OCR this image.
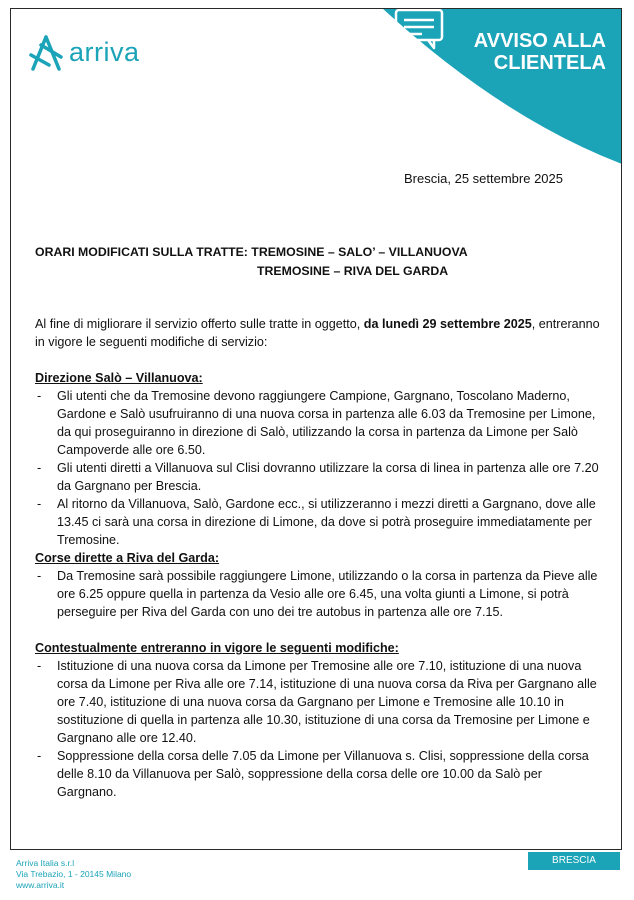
arriva	AVVISO ALLA
CLIENTELA
Brescia, 25 settembre 2025
ORARI MODIFICATI SULLA TRATTE: TREMOSINE – SALO’ – VILLANUOVA
TREMOSINE – RIVA DEL GARDA

Al fine di migliorare il servizio offerto sulle tratte in oggetto, da lunedì 29 settembre 2025, entreranno in vigore le seguenti modifiche di servizio:

Direzione Salò – Villanuova:

- Gli utenti che da Tremosine devono raggiungere Campione, Gargnano, Toscolano Maderno, Gardone e Salò usufruiranno di una nuova corsa in partenza alle 6.03 da Tremosine per Limone, da qui proseguiranno in direzione di Salò, utilizzando la corsa in partenza da Limone per Salò Campoverde alle ore 6.50.
- Gli utenti diretti a Villanuova sul Clisi dovranno utilizzare la corsa di linea in partenza alle ore 7.20 da Gargnano per Brescia.
- Al ritorno da Villanuova, Salò, Gardone ecc., si utilizzeranno i mezzi diretti a Gargnano, dove alle 13.45 ci sarà una corsa in direzione di Limone, da dove si potrà proseguire immediatamente per Tremosine.

Corse dirette a Riva del Garda:

- Da Tremosine sarà possibile raggiungere Limone, utilizzando o la corsa in partenza da Pieve alle ore 6.25 oppure quella in partenza da Vesio alle ore 6.45, una volta giunti a Limone, si potrà perseguire per Riva del Garda con uno dei tre autobus in partenza alle ore 7.15.

Contestualmente entreranno in vigore le seguenti modifiche:

- Istituzione di una nuova corsa da Limone per Tremosine alle ore 7.10, istituzione di una nuova corsa da Limone per Riva alle ore 7.14, istituzione di una nuova corsa da Riva per Gargnano alle ore 7.40, istituzione di una nuova corsa da Gargnano per Limone e Tremosine alle 10.10 in sostituzione di quella in partenza alle 10.30, istituzione di una corsa da Tremosine per Limone e Gargnano alle ore 12.40.
- Soppressione della corsa delle 7.05 da Limone per Villanuova s. Clisi, soppressione della corsa delle 8.10 da Villanuova per Salò, soppressione della corsa delle ore 10.00 da Salò per Gargnano.
Arriva Italia s.r.l
Via Trebazio, 1 - 20145 Milano
www.arriva.it
BRESCIA
